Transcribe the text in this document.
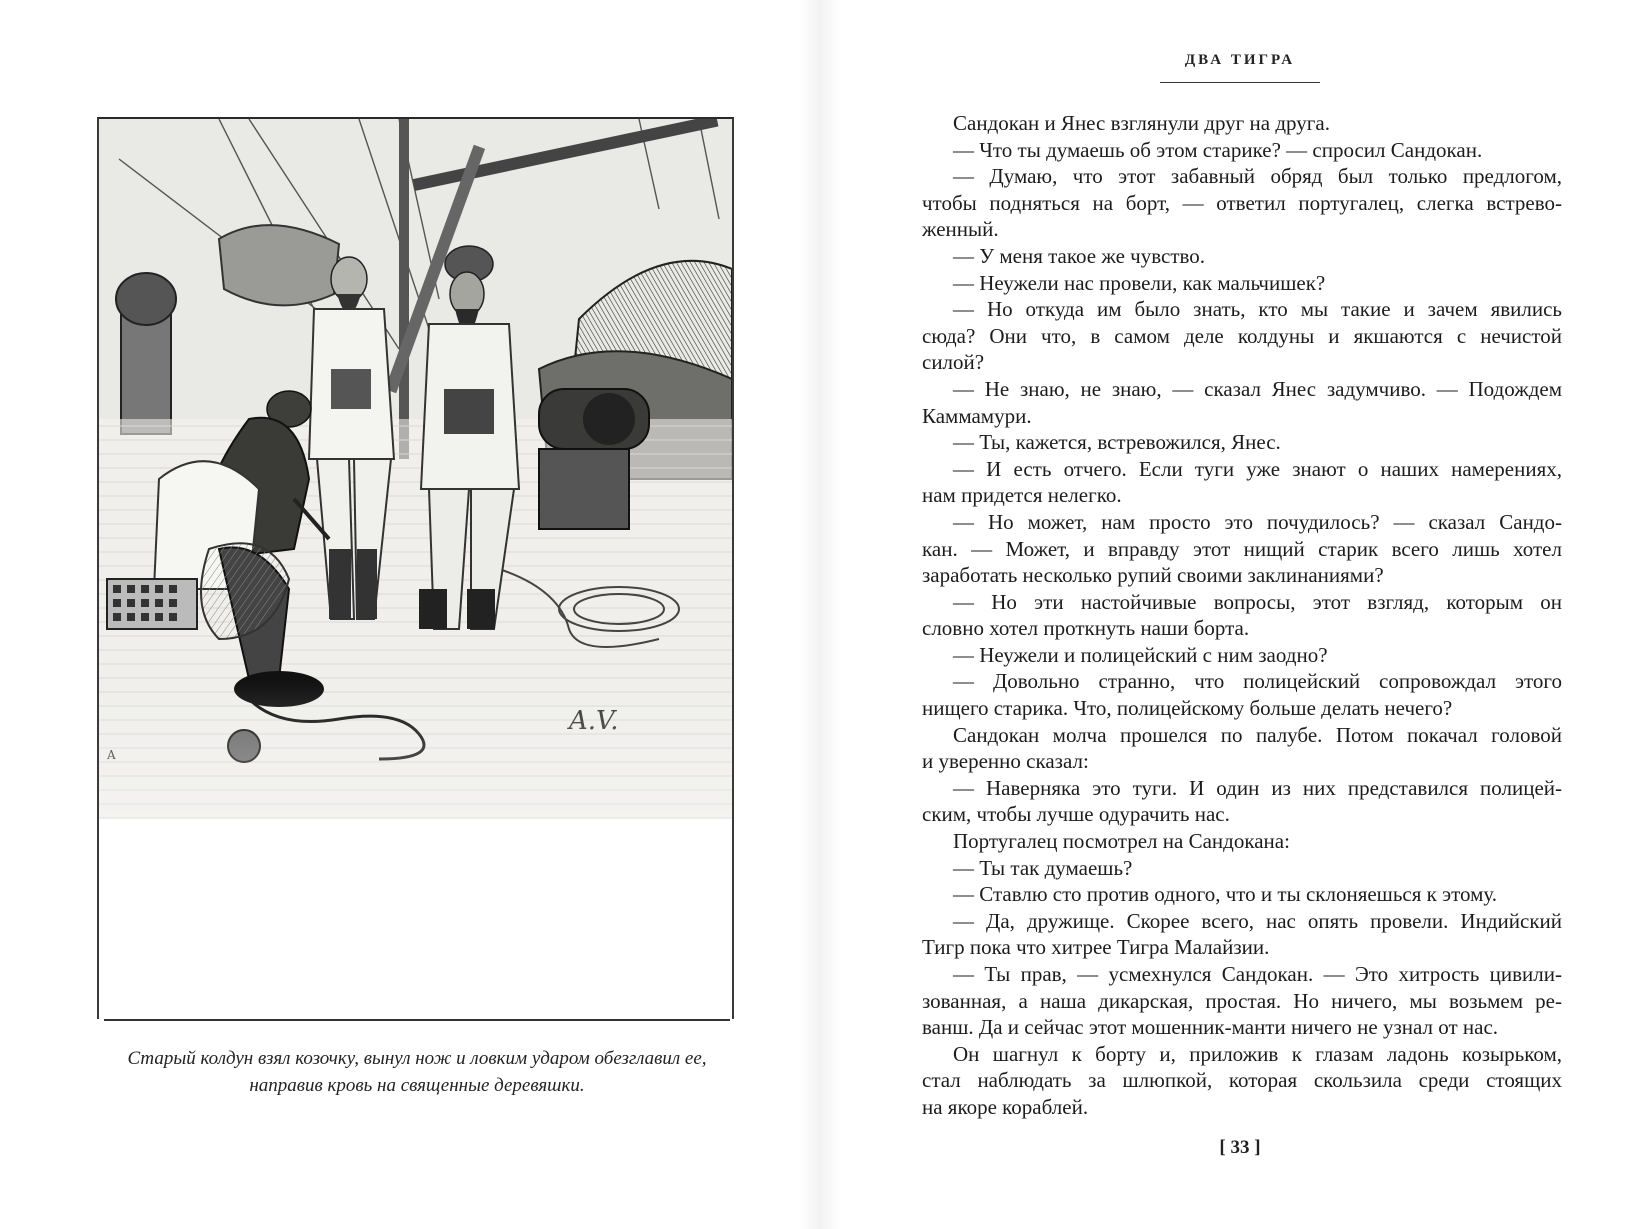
Старый колдун взял козочку, вынул нож и ловким ударом обезглавил ее,
направив кровь на священные деревяшки.
ДВА ТИГРА
Сандокан и Янес взглянули друг на друга.
— Что ты думаешь об этом старике? — спросил Сандокан.
— Думаю, что этот забавный обряд был только предлогом,
чтобы подняться на борт, — ответил португалец, слегка встрево-
женный.
— У меня такое же чувство.
— Неужели нас провели, как мальчишек?
— Но откуда им было знать, кто мы такие и зачем явились
сюда? Они что, в самом деле колдуны и якшаются с нечистой
силой?
— Не знаю, не знаю, — сказал Янес задумчиво. — Подождем
Каммамури.
— Ты, кажется, встревожился, Янес.
— И есть отчего. Если туги уже знают о наших намерениях,
нам придется нелегко.
— Но может, нам просто это почудилось? — сказал Сандо-
кан. — Может, и вправду этот нищий старик всего лишь хотел
заработать несколько рупий своими заклинаниями?
— Но эти настойчивые вопросы, этот взгляд, которым он
словно хотел проткнуть наши борта.
— Неужели и полицейский с ним заодно?
— Довольно странно, что полицейский сопровождал этого
нищего старика. Что, полицейскому больше делать нечего?
Сандокан молча прошелся по палубе. Потом покачал головой
и уверенно сказал:
— Наверняка это туги. И один из них представился полицей-
ским, чтобы лучше одурачить нас.
Португалец посмотрел на Сандокана:
— Ты так думаешь?
— Ставлю сто против одного, что и ты склоняешься к этому.
— Да, дружище. Скорее всего, нас опять провели. Индийский
Тигр пока что хитрее Тигра Малайзии.
— Ты прав, — усмехнулся Сандокан. — Это хитрость цивили-
зованная, а наша дикарская, простая. Но ничего, мы возьмем ре-
ванш. Да и сейчас этот мошенник-манти ничего не узнал от нас.
Он шагнул к борту и, приложив к глазам ладонь козырьком,
стал наблюдать за шлюпкой, которая скользила среди стоящих
на якоре кораблей.
[ 33 ]
